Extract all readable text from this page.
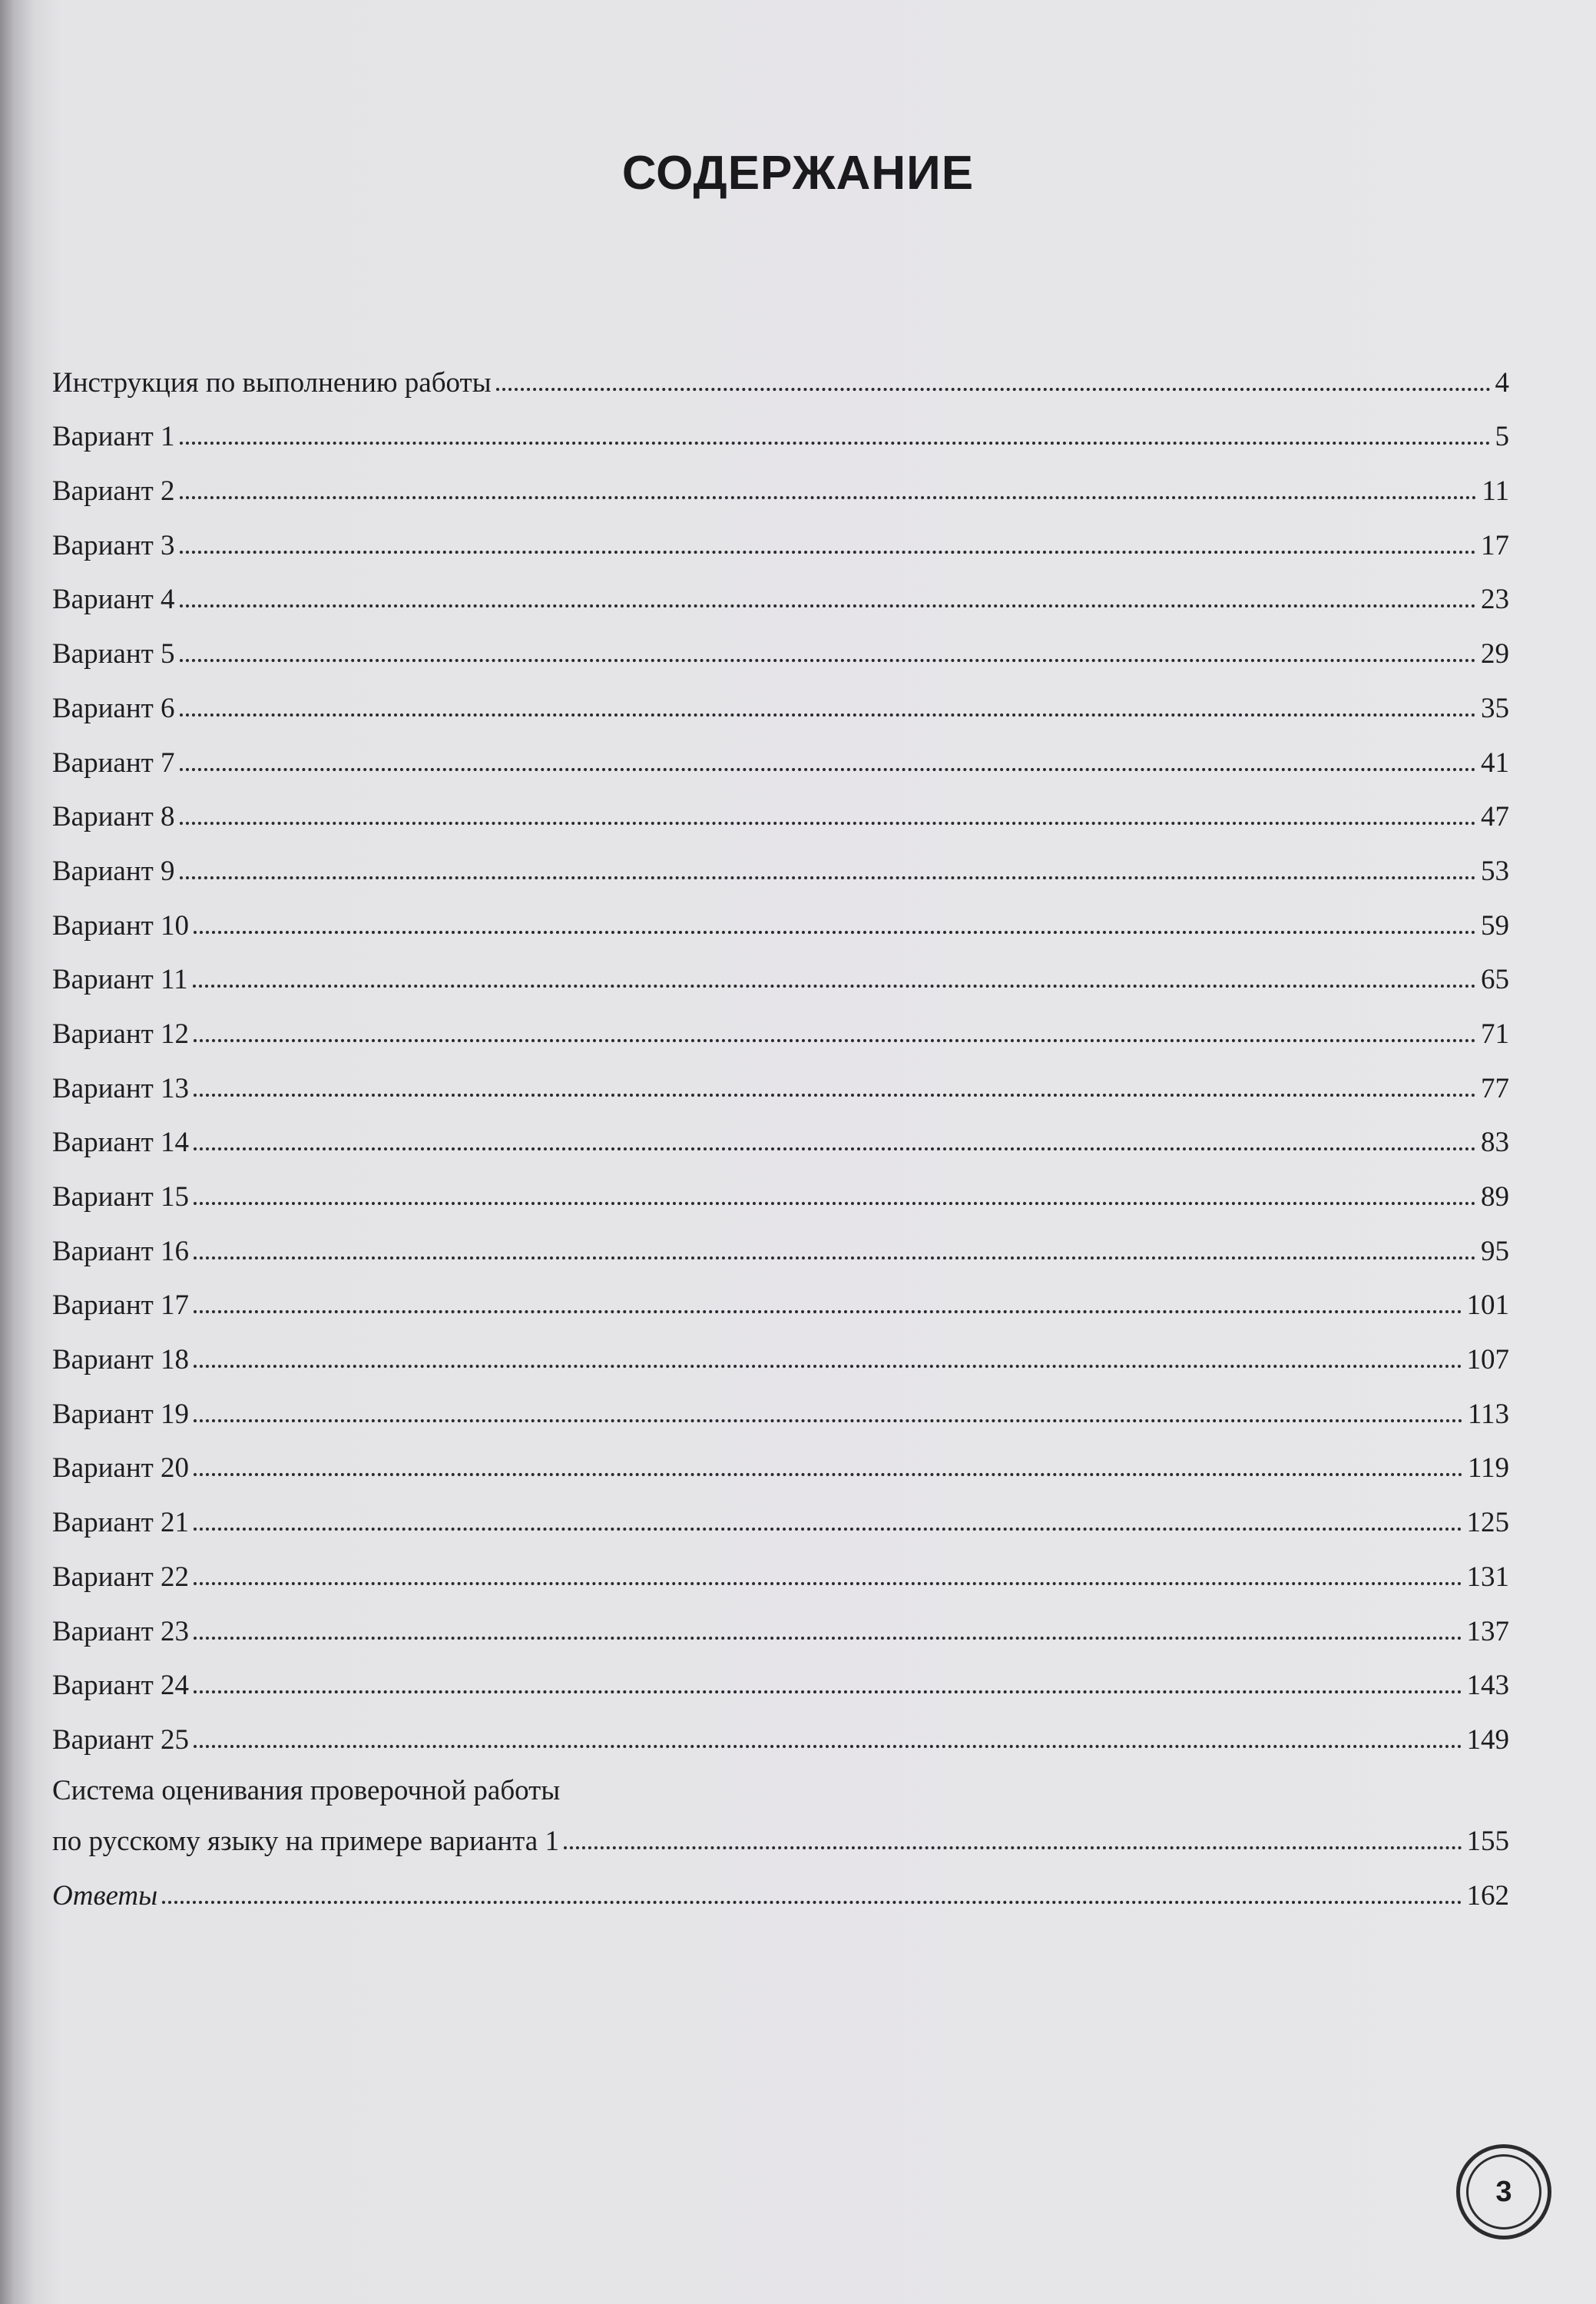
СОДЕРЖАНИЕ
Инструкция по выполнению работы	4
Вариант 1	5
Вариант 2	11
Вариант 3	17
Вариант 4	23
Вариант 5	29
Вариант 6	35
Вариант 7	41
Вариант 8	47
Вариант 9	53
Вариант 10	59
Вариант 11	65
Вариант 12	71
Вариант 13	77
Вариант 14	83
Вариант 15	89
Вариант 16	95
Вариант 17	101
Вариант 18	107
Вариант 19	113
Вариант 20	119
Вариант 21	125
Вариант 22	131
Вариант 23	137
Вариант 24	143
Вариант 25	149
Система оценивания проверочной работы
по русскому языку на примере варианта 1	155
Ответы	162
3
